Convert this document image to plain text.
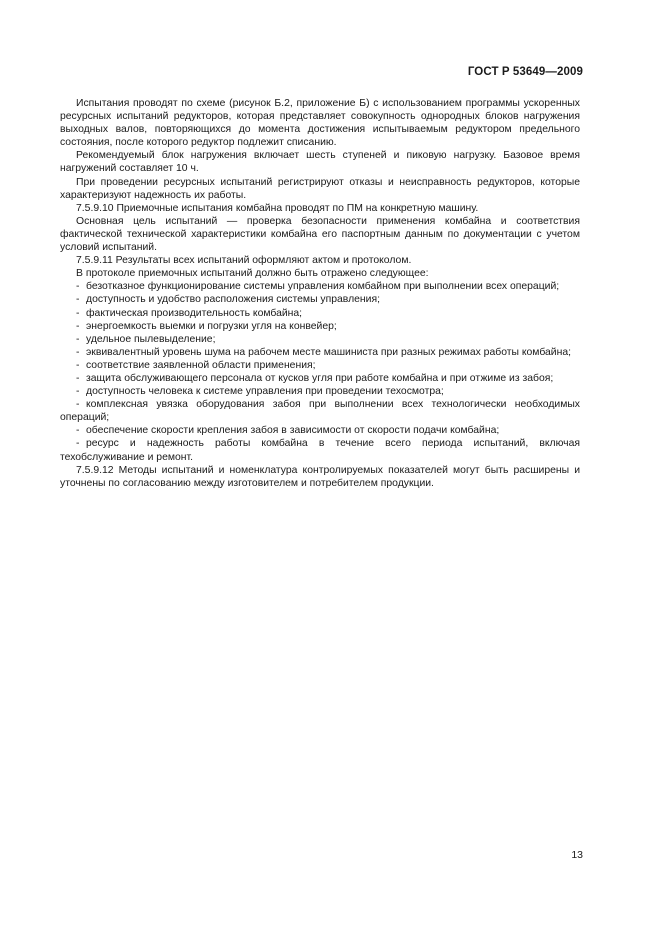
ГОСТ Р 53649—2009

Испытания проводят по схеме (рисунок Б.2, приложение Б) с использованием программы ускоренных ресурсных испытаний редукторов, которая представляет совокупность однородных блоков нагружения выходных валов, повторяющихся до момента достижения испытываемым редуктором предельного состояния, после которого редуктор подлежит списанию.

Рекомендуемый блок нагружения включает шесть ступеней и пиковую нагрузку. Базовое время нагружений составляет 10 ч.

При проведении ресурсных испытаний регистрируют отказы и неисправность редукторов, которые характеризуют надежность их работы.

7.5.9.10 Приемочные испытания комбайна проводят по ПМ на конкретную машину.

Основная цель испытаний — проверка безопасности применения комбайна и соответствия фактической технической характеристики комбайна его паспортным данным по документации с учетом условий испытаний.

7.5.9.11 Результаты всех испытаний оформляют актом и протоколом.

В протоколе приемочных испытаний должно быть отражено следующее:

- безотказное функционирование системы управления комбайном при выполнении всех операций;
- доступность и удобство расположения системы управления;
- фактическая производительность комбайна;
- энергоемкость выемки и погрузки угля на конвейер;
- удельное пылевыделение;
- эквивалентный уровень шума на рабочем месте машиниста при разных режимах работы комбайна;
- соответствие заявленной области применения;
- защита обслуживающего персонала от кусков угля при работе комбайна и при отжиме из забоя;
- доступность человека к системе управления при проведении техосмотра;
- комплексная увязка оборудования забоя при выполнении всех технологически необходимых операций;
- обеспечение скорости крепления забоя в зависимости от скорости подачи комбайна;
- ресурс и надежность работы комбайна в течение всего периода испытаний, включая техобслуживание и ремонт.

7.5.9.12 Методы испытаний и номенклатура контролируемых показателей могут быть расширены и уточнены по согласованию между изготовителем и потребителем продукции.

13
